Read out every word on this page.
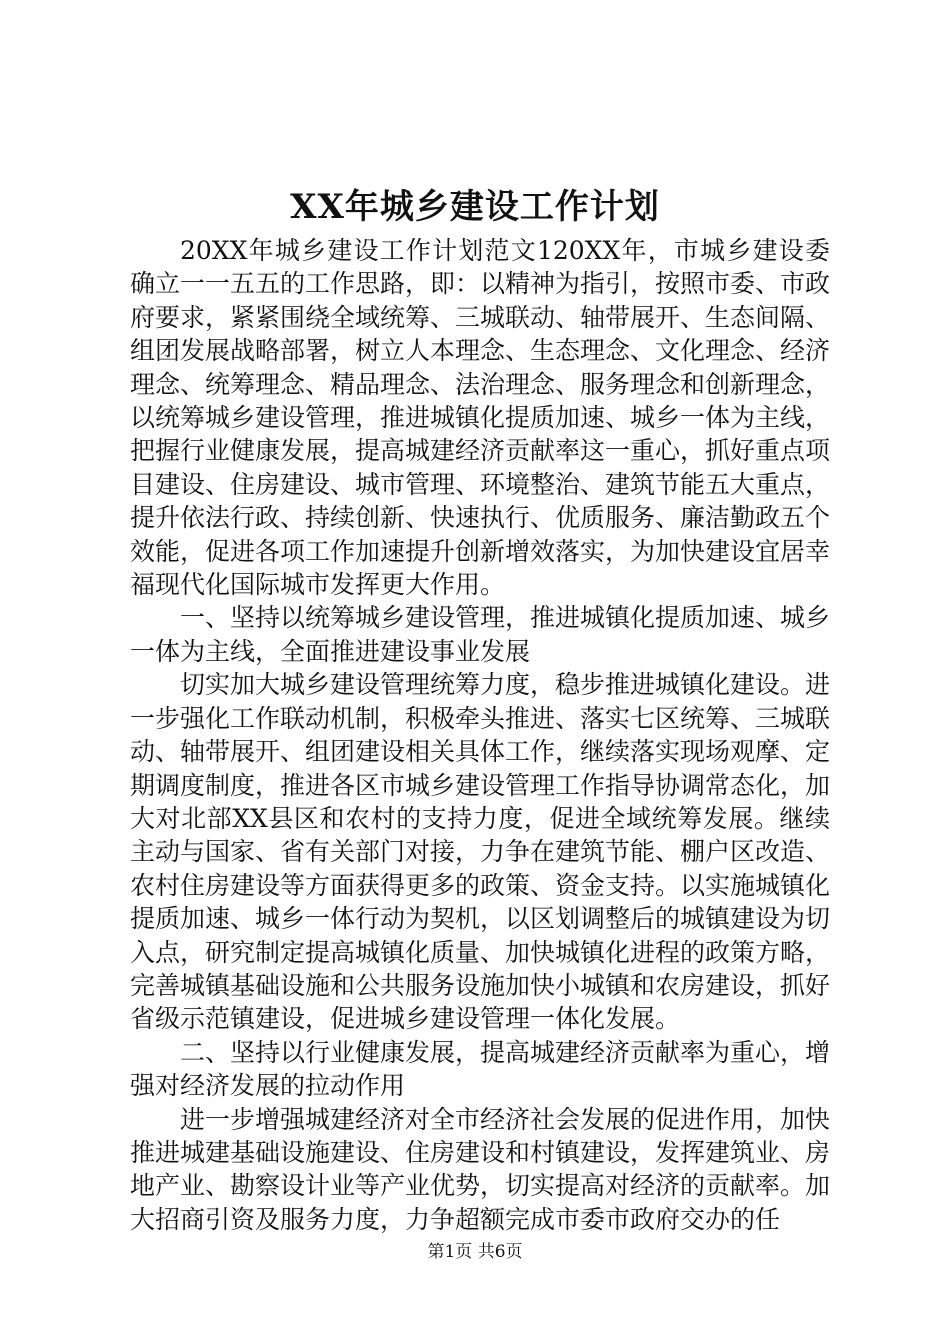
XX年城乡建设工作计划

20XX年城乡建设工作计划范文120XX年，市城乡建设委确立一一五五的工作思路，即：以精神为指引，按照市委、市政府要求，紧紧围绕全域统筹、三城联动、轴带展开、生态间隔、组团发展战略部署，树立人本理念、生态理念、文化理念、经济理念、统筹理念、精品理念、法治理念、服务理念和创新理念，以统筹城乡建设管理，推进城镇化提质加速、城乡一体为主线，把握行业健康发展，提高城建经济贡献率这一重心，抓好重点项目建设、住房建设、城市管理、环境整治、建筑节能五大重点，提升依法行政、持续创新、快速执行、优质服务、廉洁勤政五个效能，促进各项工作加速提升创新增效落实，为加快建设宜居幸福现代化国际城市发挥更大作用。

一、坚持以统筹城乡建设管理，推进城镇化提质加速、城乡一体为主线，全面推进建设事业发展

切实加大城乡建设管理统筹力度，稳步推进城镇化建设。进一步强化工作联动机制，积极牵头推进、落实七区统筹、三城联动、轴带展开、组团建设相关具体工作，继续落实现场观摩、定期调度制度，推进各区市城乡建设管理工作指导协调常态化，加大对北部XX县区和农村的支持力度，促进全域统筹发展。继续主动与国家、省有关部门对接，力争在建筑节能、棚户区改造、农村住房建设等方面获得更多的政策、资金支持。以实施城镇化提质加速、城乡一体行动为契机，以区划调整后的城镇建设为切入点，研究制定提高城镇化质量、加快城镇化进程的政策方略，完善城镇基础设施和公共服务设施加快小城镇和农房建设，抓好省级示范镇建设，促进城乡建设管理一体化发展。

二、坚持以行业健康发展，提高城建经济贡献率为重心，增强对经济发展的拉动作用

进一步增强城建经济对全市经济社会发展的促进作用，加快推进城建基础设施建设、住房建设和村镇建设，发挥建筑业、房地产业、勘察设计业等产业优势，切实提高对经济的贡献率。加大招商引资及服务力度，力争超额完成市委市政府交办的任

第1页 共6页
